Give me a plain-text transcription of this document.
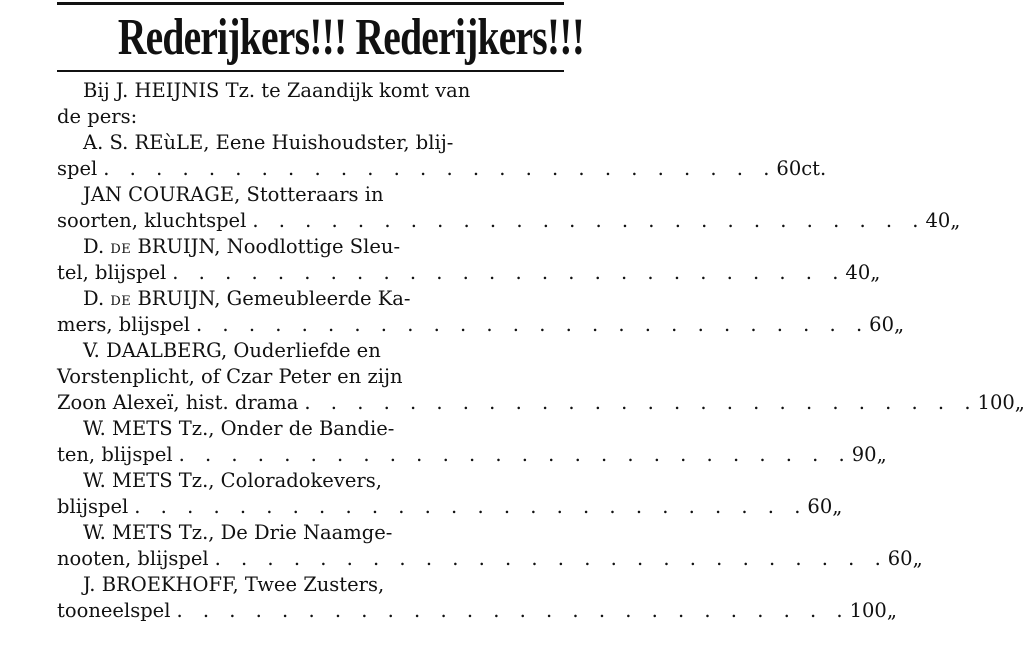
Rederijkers!!! Rederijkers!!!
Bij J. HEIJNIS Tz. te Zaandijk komt van
de pers:
A. S. REùLE, Eene Huishoudster, blij-
spel . . . . . . . . . . . . . . . . . . . . . . . . . . 60 ct.
JAN COURAGE, Stotteraars in
soorten, kluchtspel . . . . . . . . . . . . . . . . . . . . . . . . . . 40 „
D. DE BRUIJN, Noodlottige Sleu-
tel, blijspel . . . . . . . . . . . . . . . . . . . . . . . . . . 40 „
D. DE BRUIJN, Gemeubleerde Ka-
mers, blijspel . . . . . . . . . . . . . . . . . . . . . . . . . . 60 „
V. DAALBERG, Ouderliefde en
Vorstenplicht, of Czar Peter en zijn
Zoon Alexeï, hist. drama . . . . . . . . . . . . . . . . . . . . . . . . . . 100 „
W. METS Tz., Onder de Bandie-
ten, blijspel . . . . . . . . . . . . . . . . . . . . . . . . . . 90 „
W. METS Tz., Coloradokevers,
blijspel . . . . . . . . . . . . . . . . . . . . . . . . . . 60 „
W. METS Tz., De Drie Naamge-
nooten, blijspel . . . . . . . . . . . . . . . . . . . . . . . . . . 60 „
J. BROEKHOFF, Twee Zusters,
tooneelspel . . . . . . . . . . . . . . . . . . . . . . . . . . 100 „
